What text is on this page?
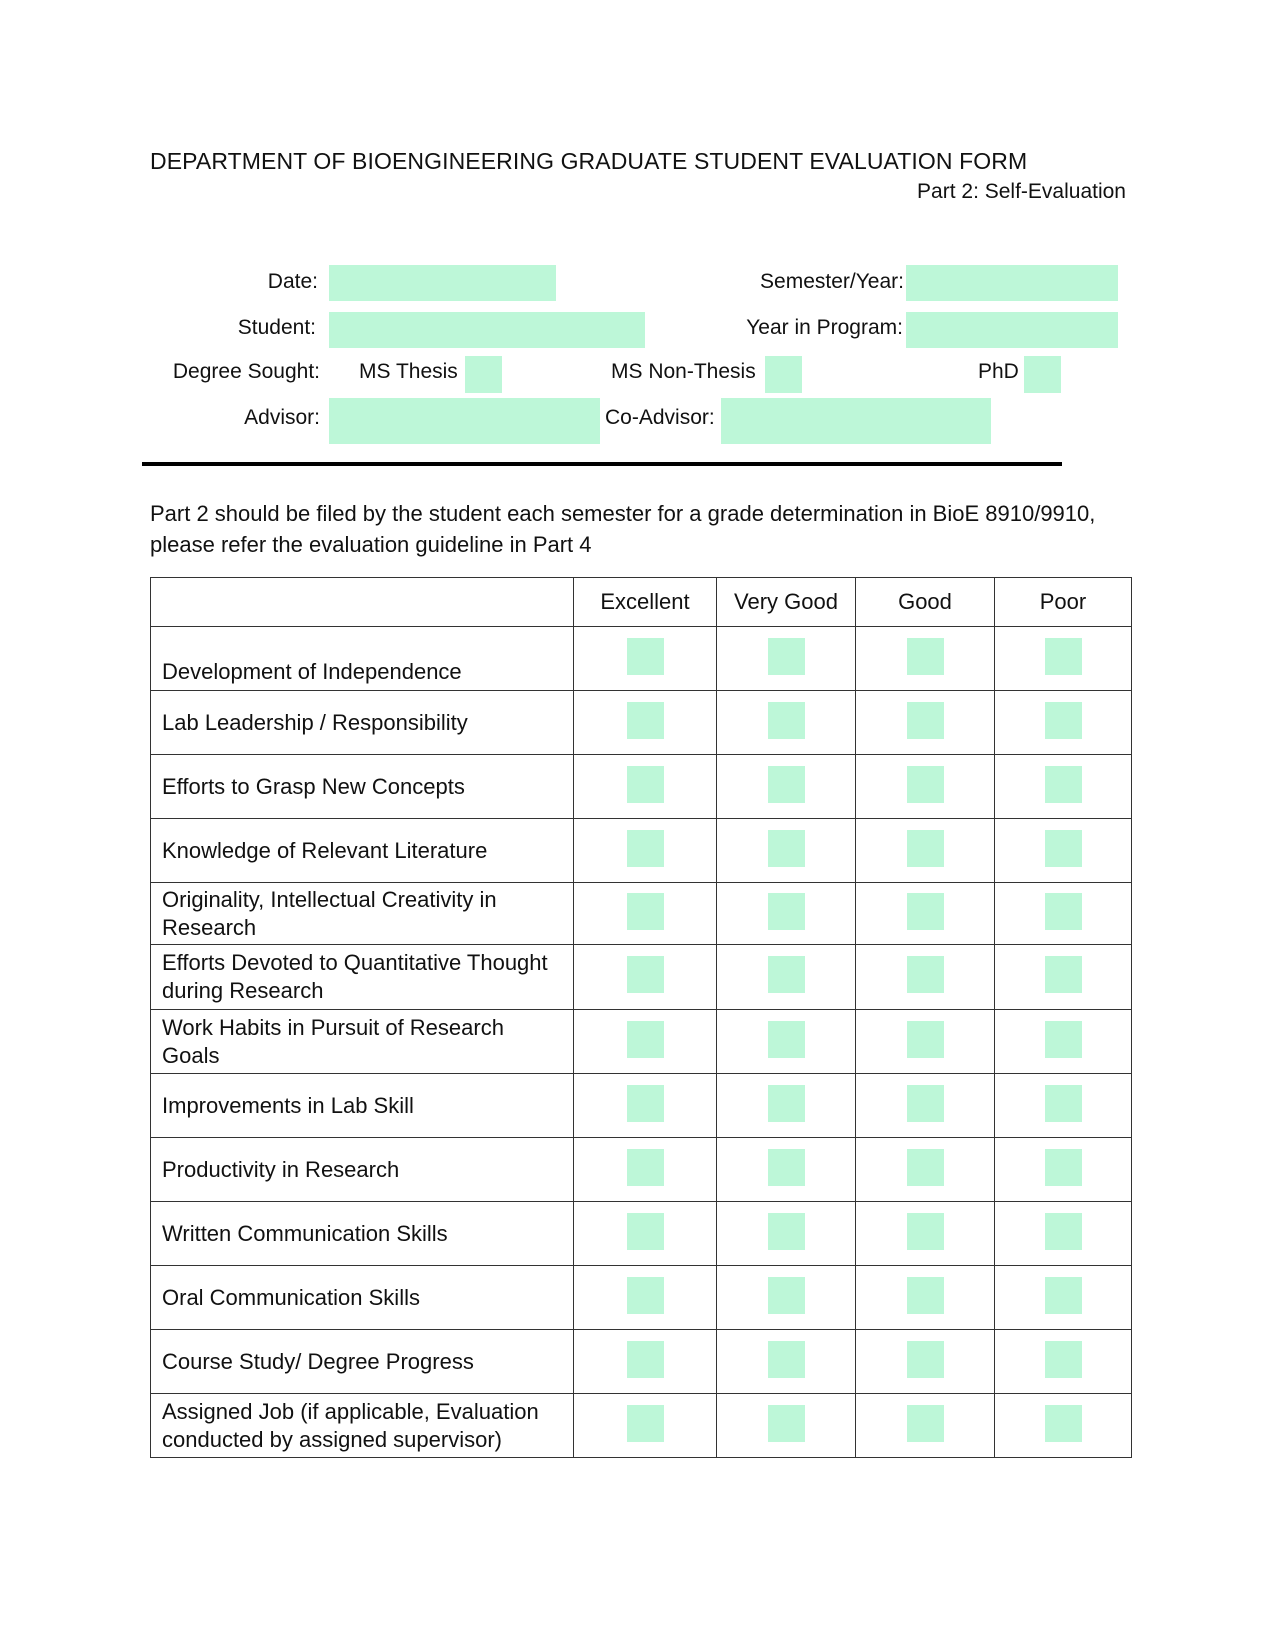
DEPARTMENT OF BIOENGINEERING GRADUATE STUDENT EVALUATION FORM
Part 2: Self-Evaluation
Date:	Semester/Year:
Student:	Year in Program:
Degree Sought: MS Thesis	MS Non-Thesis	PhD
Advisor:	Co-Advisor:
Part 2 should be filed by the student each semester for a grade determination in BioE 8910/9910, please refer the evaluation guideline in Part 4
	Excellent	Very Good	Good	Poor
Development of Independence				
Lab Leadership / Responsibility				
Efforts to Grasp New Concepts				
Knowledge of Relevant Literature				
Originality, Intellectual Creativity in Research				
Efforts Devoted to Quantitative Thought during Research				
Work Habits in Pursuit of Research Goals				
Improvements in Lab Skill				
Productivity in Research				
Written Communication Skills				
Oral Communication Skills				
Course Study/ Degree Progress				
Assigned Job (if applicable, Evaluation conducted by assigned supervisor)				
